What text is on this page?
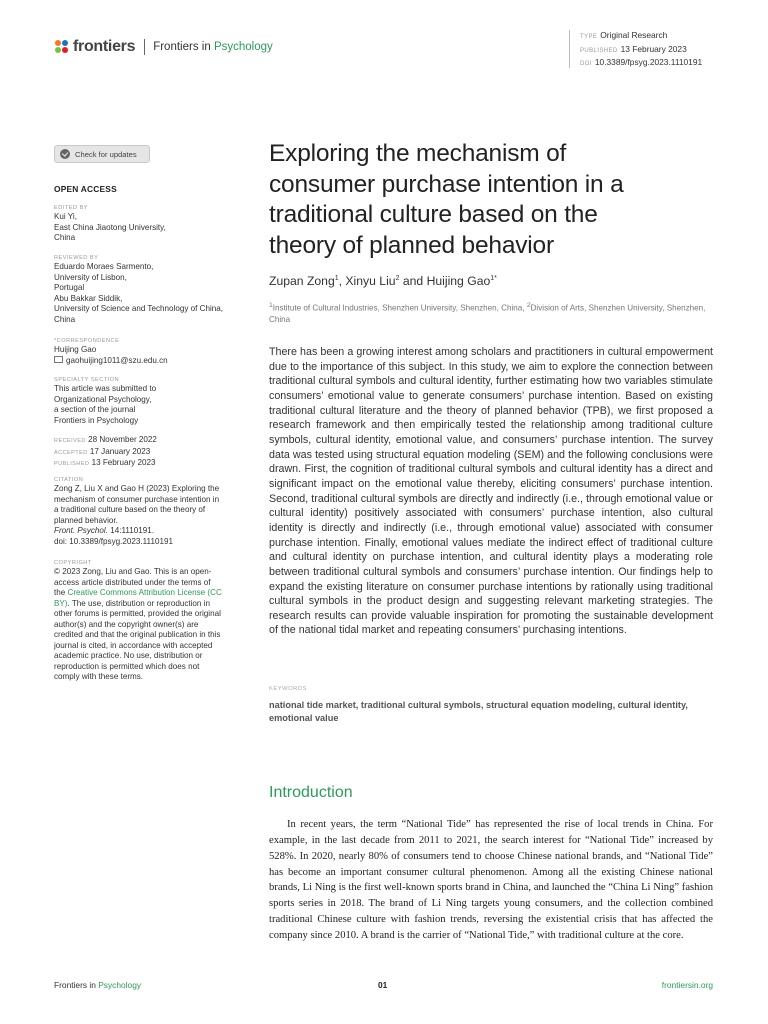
frontiers Frontiers in Psychology
TYPE Original Research
PUBLISHED 13 February 2023
DOI 10.3389/fpsyg.2023.1110191
Check for updates
OPEN ACCESS
EDITED BY
Kui Yi,
East China Jiaotong University,
China
REVIEWED BY
Eduardo Moraes Sarmento,
University of Lisbon,
Portugal
Abu Bakkar Siddik,
University of Science and Technology of China,
China
*CORRESPONDENCE
Huijing Gao
gaohuijing1011@szu.edu.cn
SPECIALTY SECTION
This article was submitted to
Organizational Psychology,
a section of the journal
Frontiers in Psychology
RECEIVED 28 November 2022
ACCEPTED 17 January 2023
PUBLISHED 13 February 2023
CITATION
Zong Z, Liu X and Gao H (2023) Exploring the
mechanism of consumer purchase intention in
a traditional culture based on the theory of
planned behavior.
Front. Psychol. 14:1110191.
doi: 10.3389/fpsyg.2023.1110191
COPYRIGHT
© 2023 Zong, Liu and Gao. This is an open-
access article distributed under the terms of
the Creative Commons Attribution License (CC
BY). The use, distribution or reproduction in
other forums is permitted, provided the original
author(s) and the copyright owner(s) are
credited and that the original publication in this
journal is cited, in accordance with accepted
academic practice. No use, distribution or
reproduction is permitted which does not
comply with these terms.
Exploring the mechanism of
consumer purchase intention in a
traditional culture based on the
theory of planned behavior
Zupan Zong$^1$, Xinyu Liu$^2$ and Huijing Gao$^{1*}$
$^1$Institute of Cultural Industries, Shenzhen University, Shenzhen, China, $^2$Division of Arts, Shenzhen University, Shenzhen, China
There has been a growing interest among scholars and practitioners in cultural empowerment due to the importance of this subject. In this study, we aim to explore the connection between traditional cultural symbols and cultural identity, further estimating how two variables stimulate consumers’ emotional value to generate consumers’ purchase intention. Based on existing traditional cultural literature and the theory of planned behavior (TPB), we first proposed a research framework and then empirically tested the relationship among traditional culture symbols, cultural identity, emotional value, and consumers’ purchase intention. The survey data was tested using structural equation modeling (SEM) and the following conclusions were drawn. First, the cognition of traditional cultural symbols and cultural identity has a direct and significant impact on the emotional value thereby, eliciting consumers’ purchase intention. Second, traditional cultural symbols are directly and indirectly (i.e., through emotional value or cultural identity) positively associated with consumers’ purchase intention, also cultural identity is directly and indirectly (i.e., through emotional value) associated with consumer purchase intention. Finally, emotional values mediate the indirect effect of traditional culture and cultural identity on purchase intention, and cultural identity plays a moderating role between traditional cultural symbols and consumers’ purchase intention. Our findings help to expand the existing literature on consumer purchase intentions by rationally using traditional cultural symbols in the product design and suggesting relevant marketing strategies. The research results can provide valuable inspiration for promoting the sustainable development of the national tidal market and repeating consumers’ purchasing intentions.
KEYWORDS
national tide market, traditional cultural symbols, structural equation modeling, cultural identity, emotional value
Introduction
In recent years, the term “National Tide” has represented the rise of local trends in China. For example, in the last decade from 2011 to 2021, the search interest for “National Tide” increased by 528%. In 2020, nearly 80% of consumers tend to choose Chinese national brands, and “National Tide” has become an important consumer cultural phenomenon. Among all the existing Chinese national brands, Li Ning is the first well-known sports brand in China, and launched the “China Li Ning” fashion sports series in 2018. The brand of Li Ning targets young consumers, and the collection combined traditional Chinese culture with fashion trends, reversing the existential crisis that has affected the company since 2010. A brand is the carrier of “National Tide,” with traditional culture at the core.
Frontiers in Psychology	01	frontiersin.org
